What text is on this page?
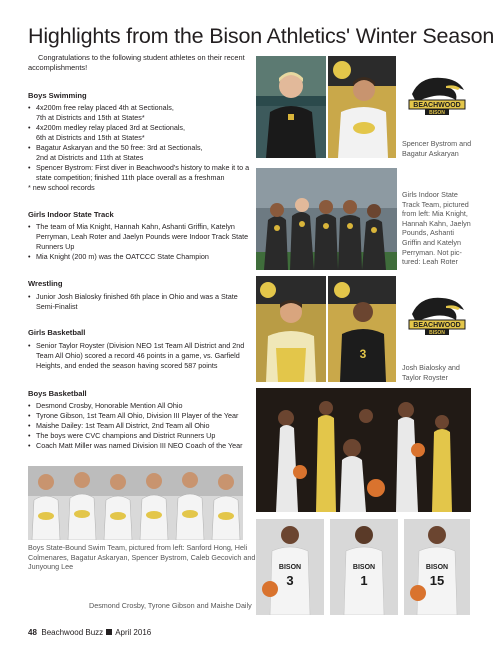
Highlights from the Bison Athletics' Winter Season
Congratulations to the following student athletes on their recent
accomplishments!
Boys Swimming
• 4x200m free relay placed 4th at Sectionals,
7th at Districts and 15th at States*
• 4x200m medley relay placed 3rd at Sectionals,
6th at Districts and 15th at States*
• Bagatur Askaryan and the 50 free: 3rd at Sectionals,
2nd at Districts and 11th at States
• Spencer Bystrom: First diver in Beachwood's history to make it to a
state competition; finished 11th place overall as a freshman
* new school records
Girls Indoor State Track
• The team of Mia Knight, Hannah Kahn, Ashanti Griffin, Katelyn
Perryman, Leah Roter and Jaelyn Pounds were Indoor Track State
Runners Up
• Mia Knight (200 m) was the OATCCC State Champion
Wrestling
• Junior Josh Bialosky finished 6th place in Ohio and was a State
Semi-Finalist
Girls Basketball
• Senior Taylor Royster (Division NEO 1st Team All District and 2nd
Team All Ohio) scored a record 46 points in a game, vs. Garfield
Heights, and ended the season having scored 587 points
Boys Basketball
• Desmond Crosby, Honorable Mention All Ohio
• Tyrone Gibson, 1st Team All Ohio, Division III Player of the Year
• Maishe Dailey: 1st Team All District, 2nd Team all Ohio
• The boys were CVC champions and District Runners Up
• Coach Matt Miller was named Division III NEO Coach of the Year
BEACHWOOD
BISON
Spencer Bystrom and
Bagatur Askaryan
Girls Indoor State
Track Team, pictured
from left: Mia Knight,
Hannah Kahn, Jaelyn
Pounds, Ashanti
Griffin and Katelyn
Perryman. Not pic-
tured: Leah Roter
3
BEACHWOOD
BISON
Josh Bialosky and
Taylor Royster
Boys State-Bound Swim Team, pictured from left: Sanford Hong, Heli
Colmenares, Bagatur Askaryan, Spencer Bystrom, Caleb Gecovich and
Junyoung Lee	BISON
3
BISON
1
BISON
15
Desmond Crosby, Tyrone Gibson and Maishe Daily
48 Beachwood Buzz April 2016
